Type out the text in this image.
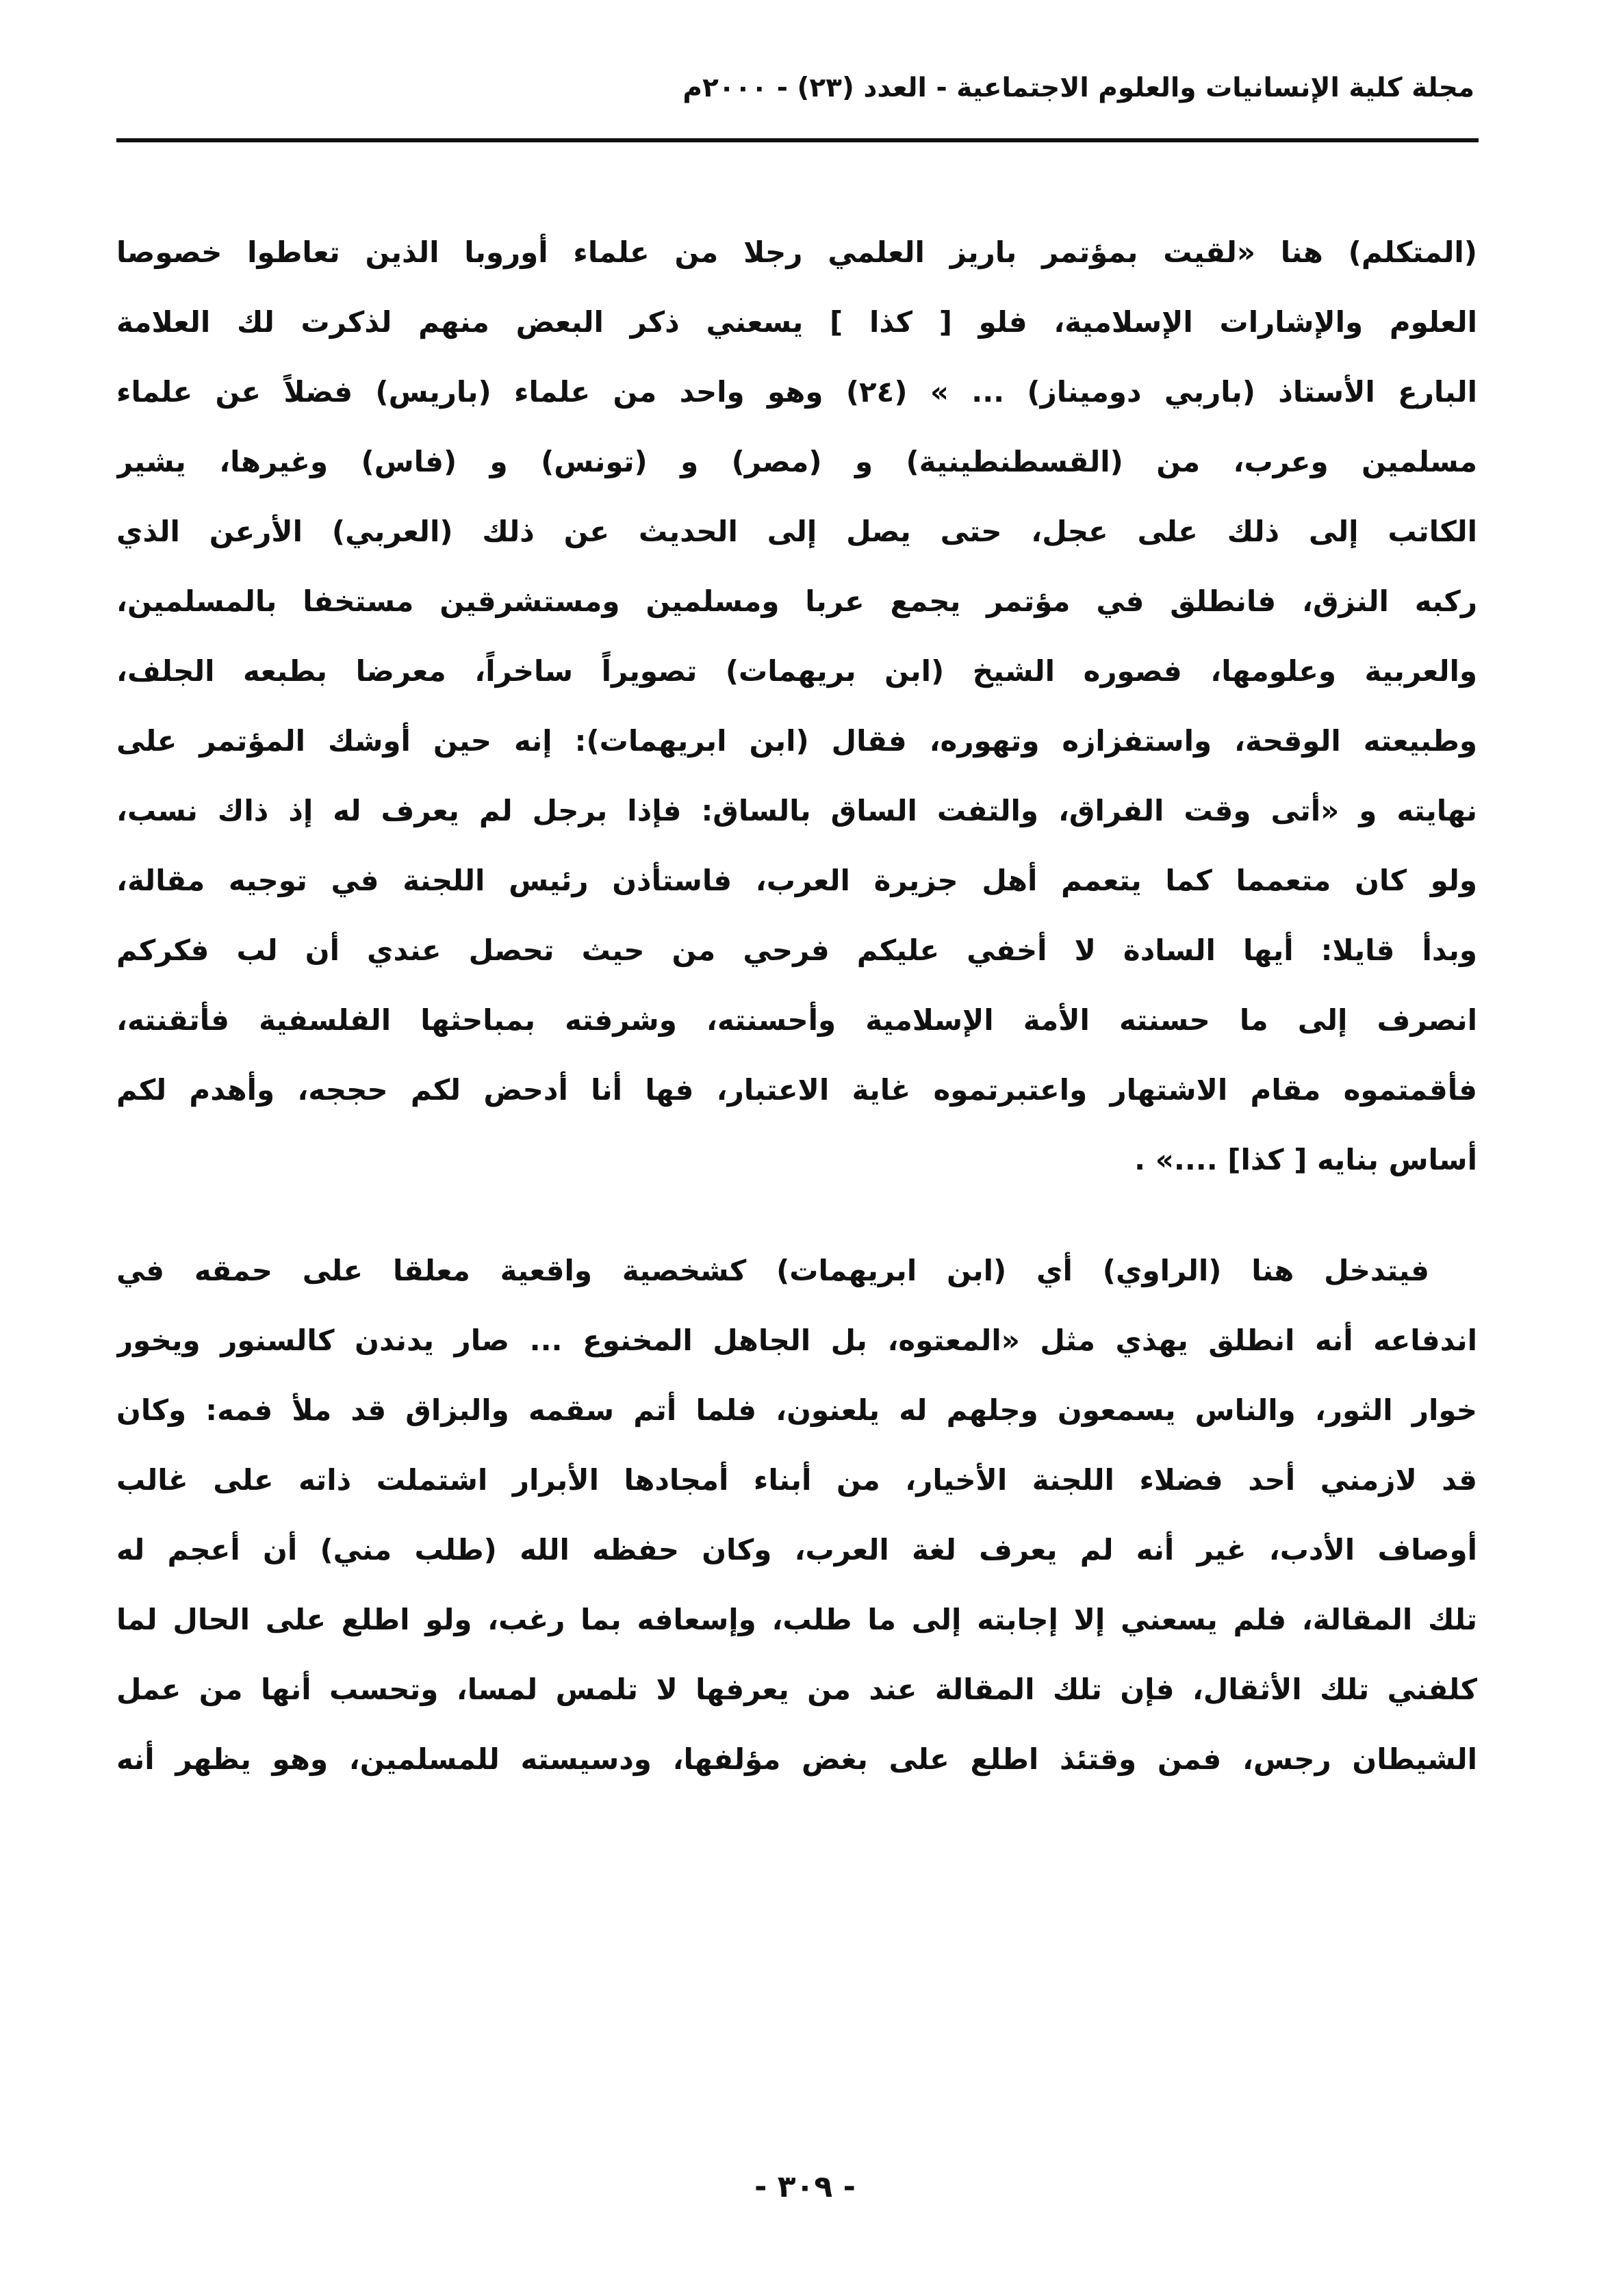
مجلة كلية الإنسانيات والعلوم الاجتماعية - العدد (٢٣) - ٢٠٠٠م
(المتكلم) هنا «لقيت بمؤتمر باريز العلمي رجلا من علماء أوروبا الذين تعاطوا خصوصا
العلوم والإشارات الإسلامية، فلو [ كذا ] يسعني ذكر البعض منهم لذكرت لك العلامة
البارع الأستاذ (باربي دوميناز) ... » (٢٤) وهو واحد من علماء (باريس) فضلاً عن علماء
مسلمين وعرب، من (القسطنطينية) و (مصر) و (تونس) و (فاس) وغيرها، يشير
الكاتب إلى ذلك على عجل، حتى يصل إلى الحديث عن ذلك (العربي) الأرعن الذي
ركبه النزق، فانطلق في مؤتمر يجمع عربا ومسلمين ومستشرقين مستخفا بالمسلمين،
والعربية وعلومها، فصوره الشيخ (ابن بريهمات) تصويراً ساخراً، معرضا بطبعه الجلف،
وطبيعته الوقحة، واستفزازه وتهوره، فقال (ابن ابريهمات): إنه حين أوشك المؤتمر على
نهايته و «أتى وقت الفراق، والتفت الساق بالساق: فإذا برجل لم يعرف له إذ ذاك نسب،
ولو كان متعمما كما يتعمم أهل جزيرة العرب، فاستأذن رئيس اللجنة في توجيه مقالة،
وبدأ قايلا: أيها السادة لا أخفي عليكم فرحي من حيث تحصل عندي أن لب فكركم
انصرف إلى ما حسنته الأمة الإسلامية وأحسنته، وشرفته بمباحثها الفلسفية فأتقنته،
فأقمتموه مقام الاشتهار واعتبرتموه غاية الاعتبار، فها أنا أدحض لكم حججه، وأهدم لكم
أساس بنايه [ كذا] ....» .
فيتدخل هنا (الراوي) أي (ابن ابريهمات) كشخصية واقعية معلقا على حمقه في
اندفاعه أنه انطلق يهذي مثل «المعتوه، بل الجاهل المخنوع ... صار يدندن كالسنور ويخور
خوار الثور، والناس يسمعون وجلهم له يلعنون، فلما أتم سقمه والبزاق قد ملأ فمه: وكان
قد لازمني أحد فضلاء اللجنة الأخيار، من أبناء أمجادها الأبرار اشتملت ذاته على غالب
أوصاف الأدب، غير أنه لم يعرف لغة العرب، وكان حفظه الله (طلب مني) أن أعجم له
تلك المقالة، فلم يسعني إلا إجابته إلى ما طلب، وإسعافه بما رغب، ولو اطلع على الحال لما
كلفني تلك الأثقال، فإن تلك المقالة عند من يعرفها لا تلمس لمسا، وتحسب أنها من عمل
الشيطان رجس، فمن وقتئذ اطلع على بغض مؤلفها، ودسيسته للمسلمين، وهو يظهر أنه
- ٣٠٩ -
